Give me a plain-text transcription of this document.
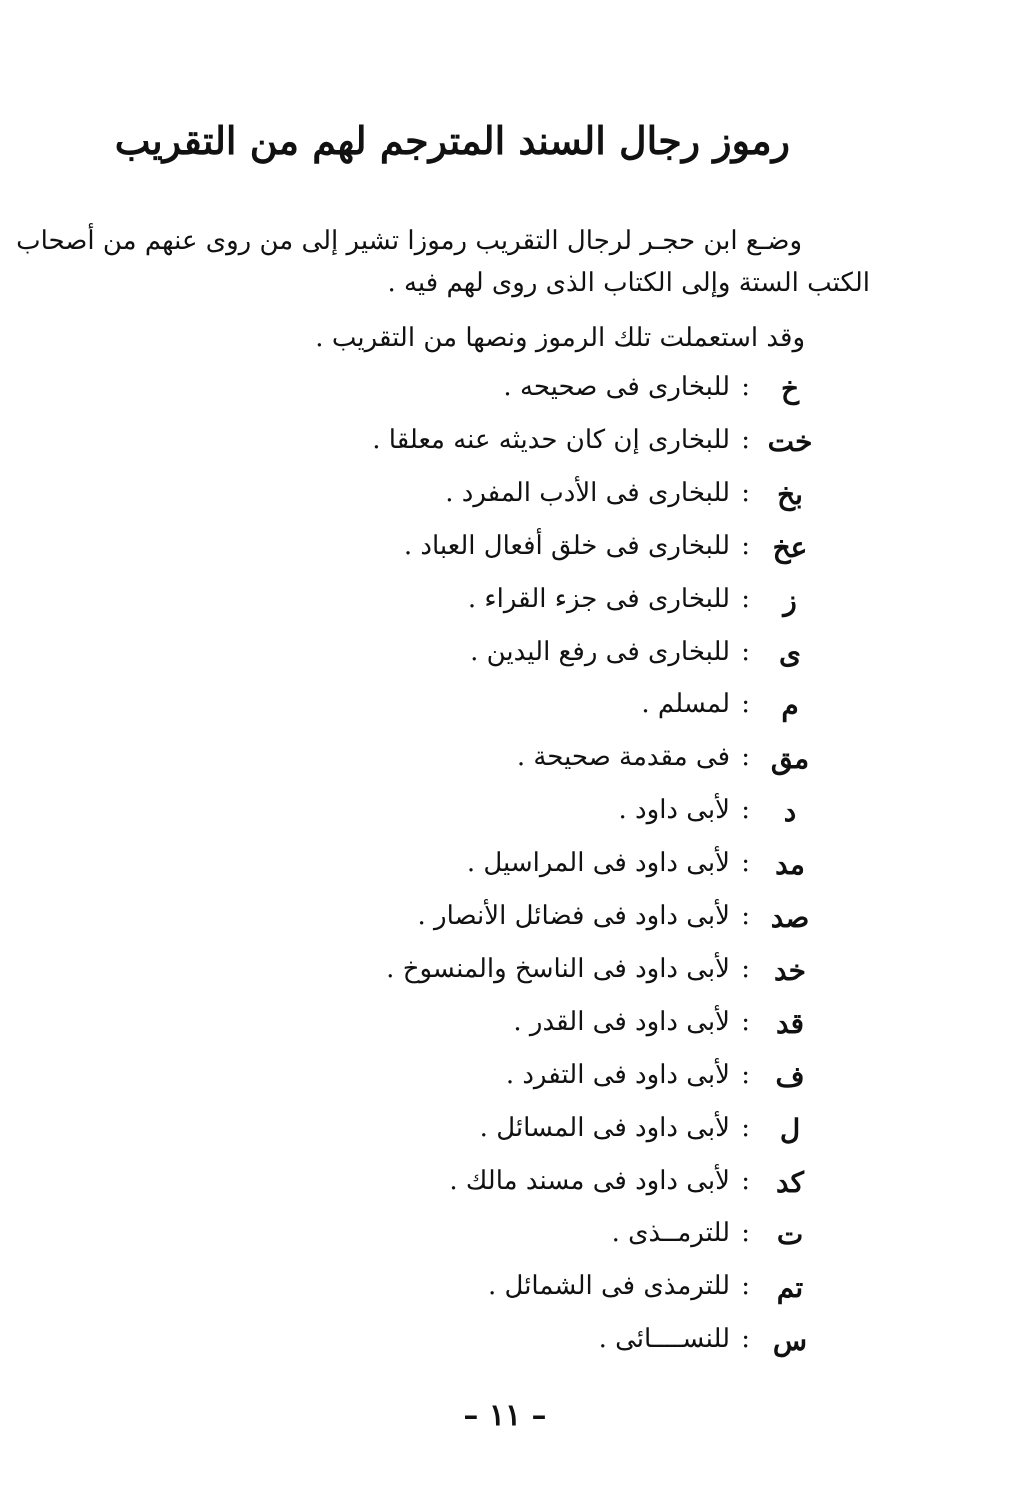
رموز رجال السند المترجم لهم من التقريب
وضـع ابن حجـر لرجال التقريب رموزا تشير إلى من روى عنهم من أصحاب
الكتب الستة وإلى الكتاب الذى روى لهم فيه .
وقد استعملت تلك الرموز ونصها من التقريب .
خ
:
للبخارى فى صحيحه .
خت
:
للبخارى إن كان حديثه عنه معلقا .
بخ
:
للبخارى فى الأدب المفرد .
عخ
:
للبخارى فى خلق أفعال العباد .
ز
:
للبخارى فى جزء القراء .
ى
:
للبخارى فى رفع اليدين .
م
:
لمسلم .
مق
:
فى مقدمة صحيحة .
د
:
لأبى داود .
مد
:
لأبى داود فى المراسيل .
صد
:
لأبى داود فى فضائل الأنصار .
خد
:
لأبى داود فى الناسخ والمنسوخ .
قد
:
لأبى داود فى القدر .
ف
:
لأبى داود فى التفرد .
ل
:
لأبى داود فى المسائل .
كد
:
لأبى داود فى مسند مالك .
ت
:
للترمــذى .
تم
:
للترمذى فى الشمائل .
س
:
للنســــائى .
– ١١ –
